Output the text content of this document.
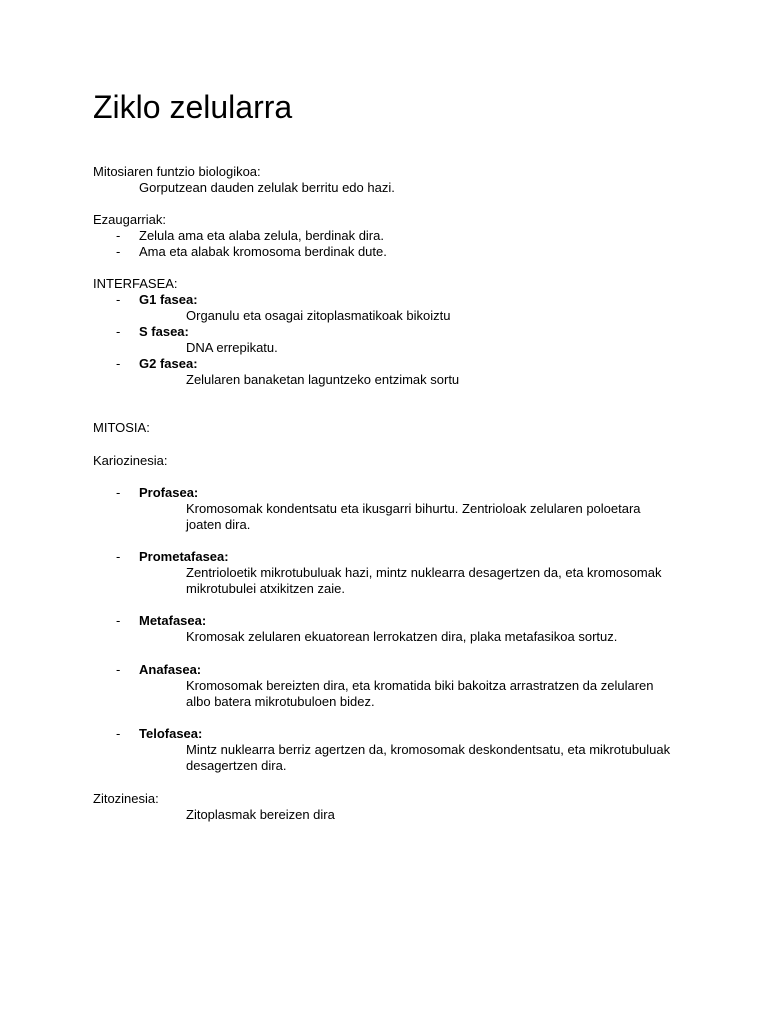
Ziklo zelularra
Mitosiaren funtzio biologikoa:
Gorputzean dauden zelulak berritu edo hazi.
Ezaugarriak:
- Zelula ama eta alaba zelula, berdinak dira.
- Ama eta alabak kromosoma berdinak dute.
INTERFASEA:
- G1 fasea:
Organulu eta osagai zitoplasmatikoak bikoiztu
- S fasea:
DNA errepikatu.
- G2 fasea:
Zelularen banaketan laguntzeko entzimak sortu
MITOSIA:
Kariozinesia:
- Profasea:
Kromosomak kondentsatu eta ikusgarri bihurtu. Zentrioloak zelularen poloetara
joaten dira.
- Prometafasea:
Zentrioloetik mikrotubuluak hazi, mintz nuklearra desagertzen da, eta kromosomak
mikrotubulei atxikitzen zaie.
- Metafasea:
Kromosak zelularen ekuatorean lerrokatzen dira, plaka metafasikoa sortuz.
- Anafasea:
Kromosomak bereizten dira, eta kromatida biki bakoitza arrastratzen da zelularen
albo batera mikrotubuloen bidez.
- Telofasea:
Mintz nuklearra berriz agertzen da, kromosomak deskondentsatu, eta mikrotubuluak
desagertzen dira.
Zitozinesia:
Zitoplasmak bereizen dira
